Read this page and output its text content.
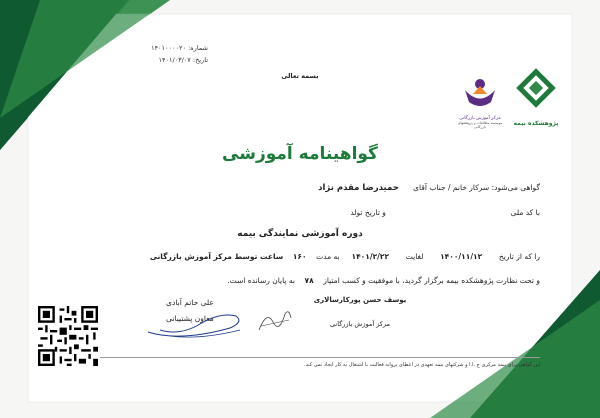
شماره: ۱۴۰۱۰۰۰۰۲۰
تاریخ: ۱۴۰۱/۰۳/۰۷
بسمه تعالی
مرکز آموزش بازرگانی
موسسه مطالعات و پژوهشهای بازرگانی	پژوهشکده بیمه
گواهینامه آموزشی
گواهی می‌شود: سرکار خانم / جناب آقای      حمیدرضا مقدم نژاد
با کد ملی  و تاریخ تولد
دوره آموزشی نمایندگی بیمه
را که از تاریخ       ۱۴۰۰/۱۱/۱۲       لغایت       ۱۴۰۱/۲/۲۲     به مدت    ۱۶۰    ساعت توسط مرکز آموزش بازرگانی
و تحت نظارت پژوهشکده بیمه برگزار گردید، با موفقیت و کسب امتیاز    ۷۸    به پایان رسانده است.
یوسف حسن پورکارسالاری
مرکز آموزش بازرگانی
علی حاتم آبادی
معاون پشتیبانی
این گواهی برای بیمه مرکزی ج .ا.ا و شرکتهای بیمه تعهدی در اعطای پروانه فعالیت یا اشتغال به کار ایجاد نمی کند.
